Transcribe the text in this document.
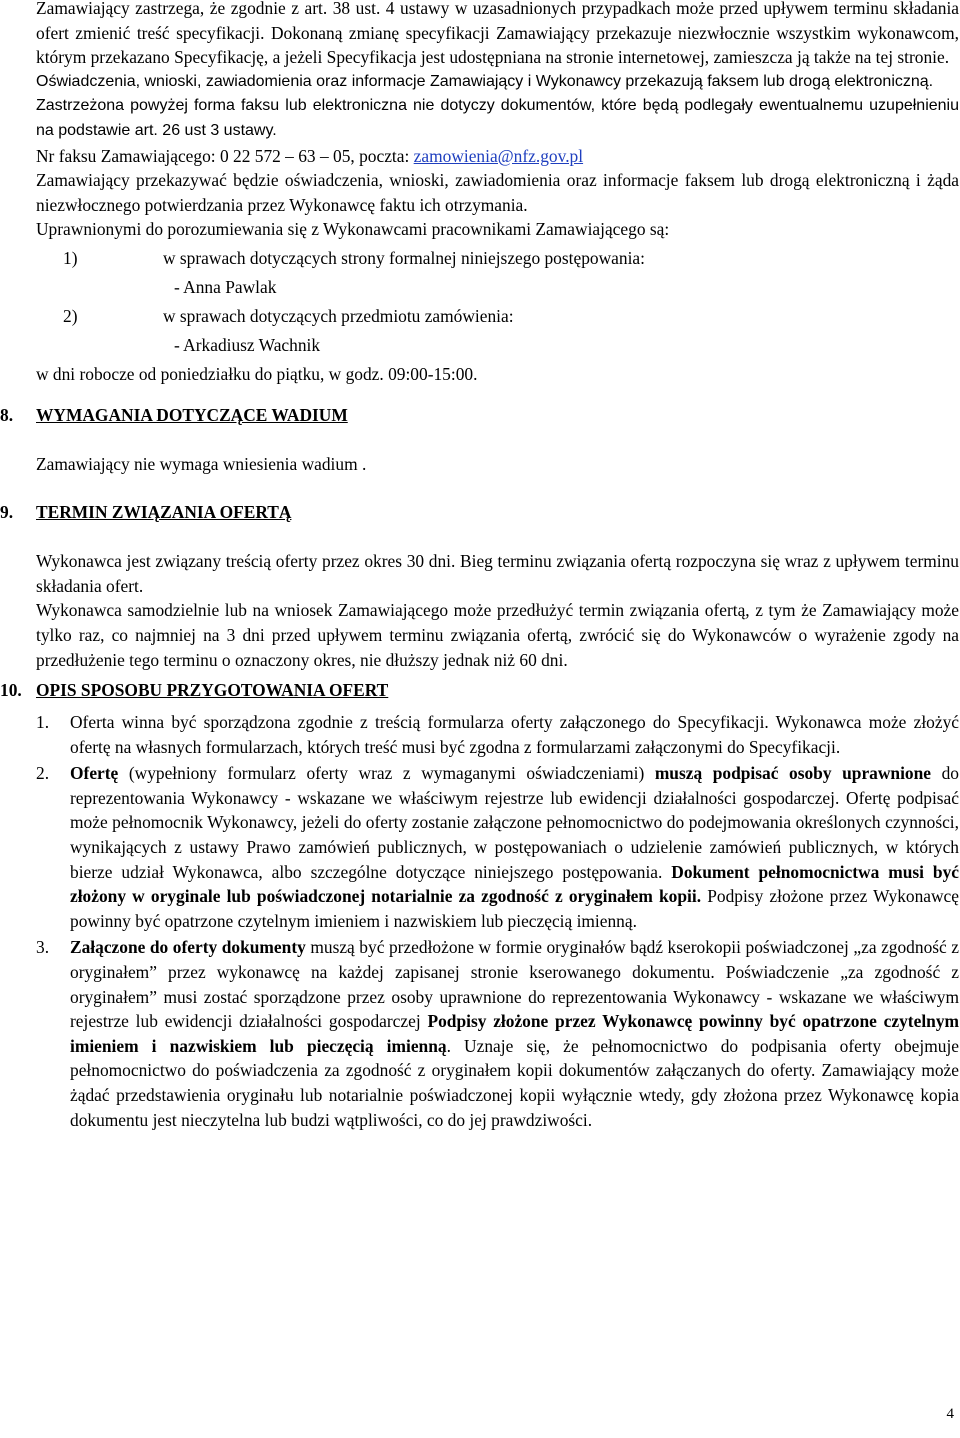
Zamawiający zastrzega, że zgodnie z art. 38 ust. 4 ustawy w uzasadnionych przypadkach może przed upływem terminu składania ofert zmienić treść specyfikacji. Dokonaną zmianę specyfikacji Zamawiający przekazuje niezwłocznie wszystkim wykonawcom, którym przekazano Specyfikację, a jeżeli Specyfikacja jest udostępniana na stronie internetowej, zamieszcza ją także na tej stronie.

Oświadczenia, wnioski, zawiadomienia oraz informacje Zamawiający i Wykonawcy przekazują faksem lub drogą elektroniczną.

Zastrzeżona powyżej forma faksu lub elektroniczna nie dotyczy dokumentów, które będą podlegały ewentualnemu uzupełnieniu na podstawie art. 26 ust 3 ustawy.

Nr faksu Zamawiającego: 0 22 572 – 63 – 05, poczta: zamowienia@nfz.gov.pl

Zamawiający przekazywać będzie oświadczenia, wnioski, zawiadomienia oraz informacje faksem lub drogą elektroniczną i żąda niezwłocznego potwierdzania przez Wykonawcę faktu ich otrzymania.

Uprawnionymi do porozumiewania się z Wykonawcami pracownikami Zamawiającego są:

1)	w sprawach dotyczących strony formalnej niniejszego postępowania:
- Anna Pawlak
2)	w sprawach dotyczących przedmiotu zamówienia:
- Arkadiusz Wachnik

w dni robocze od poniedziałku do piątku, w godz. 09:00-15:00.

8. WYMAGANIA DOTYCZĄCE WADIUM

Zamawiający nie wymaga wniesienia wadium .

9. TERMIN ZWIĄZANIA OFERTĄ

Wykonawca jest związany treścią oferty przez okres 30 dni. Bieg terminu związania ofertą rozpoczyna się wraz z upływem terminu składania ofert.

Wykonawca samodzielnie lub na wniosek Zamawiającego może przedłużyć termin związania ofertą, z tym że Zamawiający może tylko raz, co najmniej na 3 dni przed upływem terminu związania ofertą, zwrócić się do Wykonawców o wyrażenie zgody na przedłużenie tego terminu o oznaczony okres, nie dłuższy jednak niż 60 dni.

10. OPIS SPOSOBU PRZYGOTOWANIA OFERT
1. Oferta winna być sporządzona zgodnie z treścią formularza oferty załączonego do Specyfikacji. Wykonawca może złożyć ofertę na własnych formularzach, których treść musi być zgodna z formularzami załączonymi do Specyfikacji.

2. Ofertę (wypełniony formularz oferty wraz z wymaganymi oświadczeniami) muszą podpisać osoby uprawnione do reprezentowania Wykonawcy - wskazane we właściwym rejestrze lub ewidencji działalności gospodarczej. Ofertę podpisać może pełnomocnik Wykonawcy, jeżeli do oferty zostanie załączone pełnomocnictwo do podejmowania określonych czynności, wynikających z ustawy Prawo zamówień publicznych, w postępowaniach o udzielenie zamówień publicznych, w których bierze udział Wykonawca, albo szczególne dotyczące niniejszego postępowania. Dokument pełnomocnictwa musi być złożony w oryginale lub poświadczonej notarialnie za zgodność z oryginałem kopii. Podpisy złożone przez Wykonawcę powinny być opatrzone czytelnym imieniem i nazwiskiem lub pieczęcią imienną.

3. Załączone do oferty dokumenty muszą być przedłożone w formie oryginałów bądź kserokopii poświadczonej „za zgodność z oryginałem” przez wykonawcę na każdej zapisanej stronie kserowanego dokumentu. Poświadczenie „za zgodność z oryginałem” musi zostać sporządzone przez osoby uprawnione do reprezentowania Wykonawcy - wskazane we właściwym rejestrze lub ewidencji działalności gospodarczej Podpisy złożone przez Wykonawcę powinny być opatrzone czytelnym imieniem i nazwiskiem lub pieczęcią imienną. Uznaje się, że pełnomocnictwo do podpisania oferty obejmuje pełnomocnictwo do poświadczenia za zgodność z oryginałem kopii dokumentów załączanych do oferty. Zamawiający może żądać przedstawienia oryginału lub notarialnie poświadczonej kopii wyłącznie wtedy, gdy złożona przez Wykonawcę kopia dokumentu jest nieczytelna lub budzi wątpliwości, co do jej prawdziwości.

4
